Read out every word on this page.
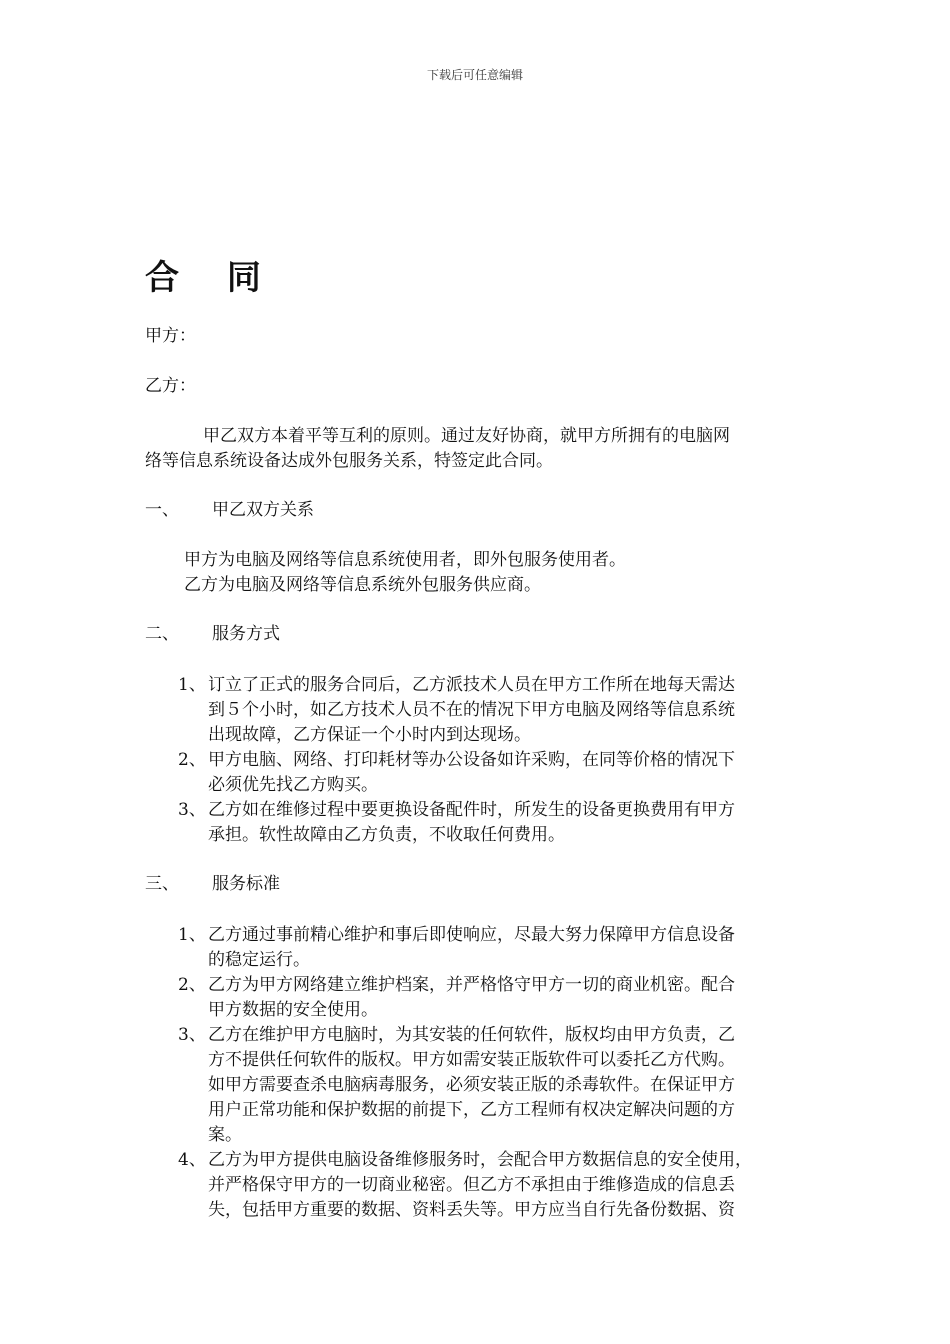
下载后可任意编辑
合 同
甲方：
乙方：
甲乙双方本着平等互利的原则。通过友好协商，就甲方所拥有的电脑网
络等信息系统设备达成外包服务关系，特签定此合同。
一、 甲乙双方关系
甲方为电脑及网络等信息系统使用者，即外包服务使用者。
乙方为电脑及网络等信息系统外包服务供应商。
二、 服务方式
1、 订立了正式的服务合同后，乙方派技术人员在甲方工作所在地每天需达
到５个小时，如乙方技术人员不在的情况下甲方电脑及网络等信息系统
出现故障，乙方保证一个小时内到达现场。
2、 甲方电脑、网络、打印耗材等办公设备如许采购，在同等价格的情况下
必须优先找乙方购买。
3、 乙方如在维修过程中要更换设备配件时，所发生的设备更换费用有甲方
承担。软性故障由乙方负责，不收取任何费用。
三、 服务标准
1、 乙方通过事前精心维护和事后即使响应，尽最大努力保障甲方信息设备
的稳定运行。
2、 乙方为甲方网络建立维护档案，并严格恪守甲方一切的商业机密。配合
甲方数据的安全使用。
3、 乙方在维护甲方电脑时，为其安装的任何软件，版权均由甲方负责，乙
方不提供任何软件的版权。甲方如需安装正版软件可以委托乙方代购。
如甲方需要查杀电脑病毒服务，必须安装正版的杀毒软件。在保证甲方
用户正常功能和保护数据的前提下，乙方工程师有权决定解决问题的方
案。
4、 乙方为甲方提供电脑设备维修服务时，会配合甲方数据信息的安全使用，
并严格保守甲方的一切商业秘密。但乙方不承担由于维修造成的信息丢
失，包括甲方重要的数据、资料丢失等。甲方应当自行先备份数据、资
